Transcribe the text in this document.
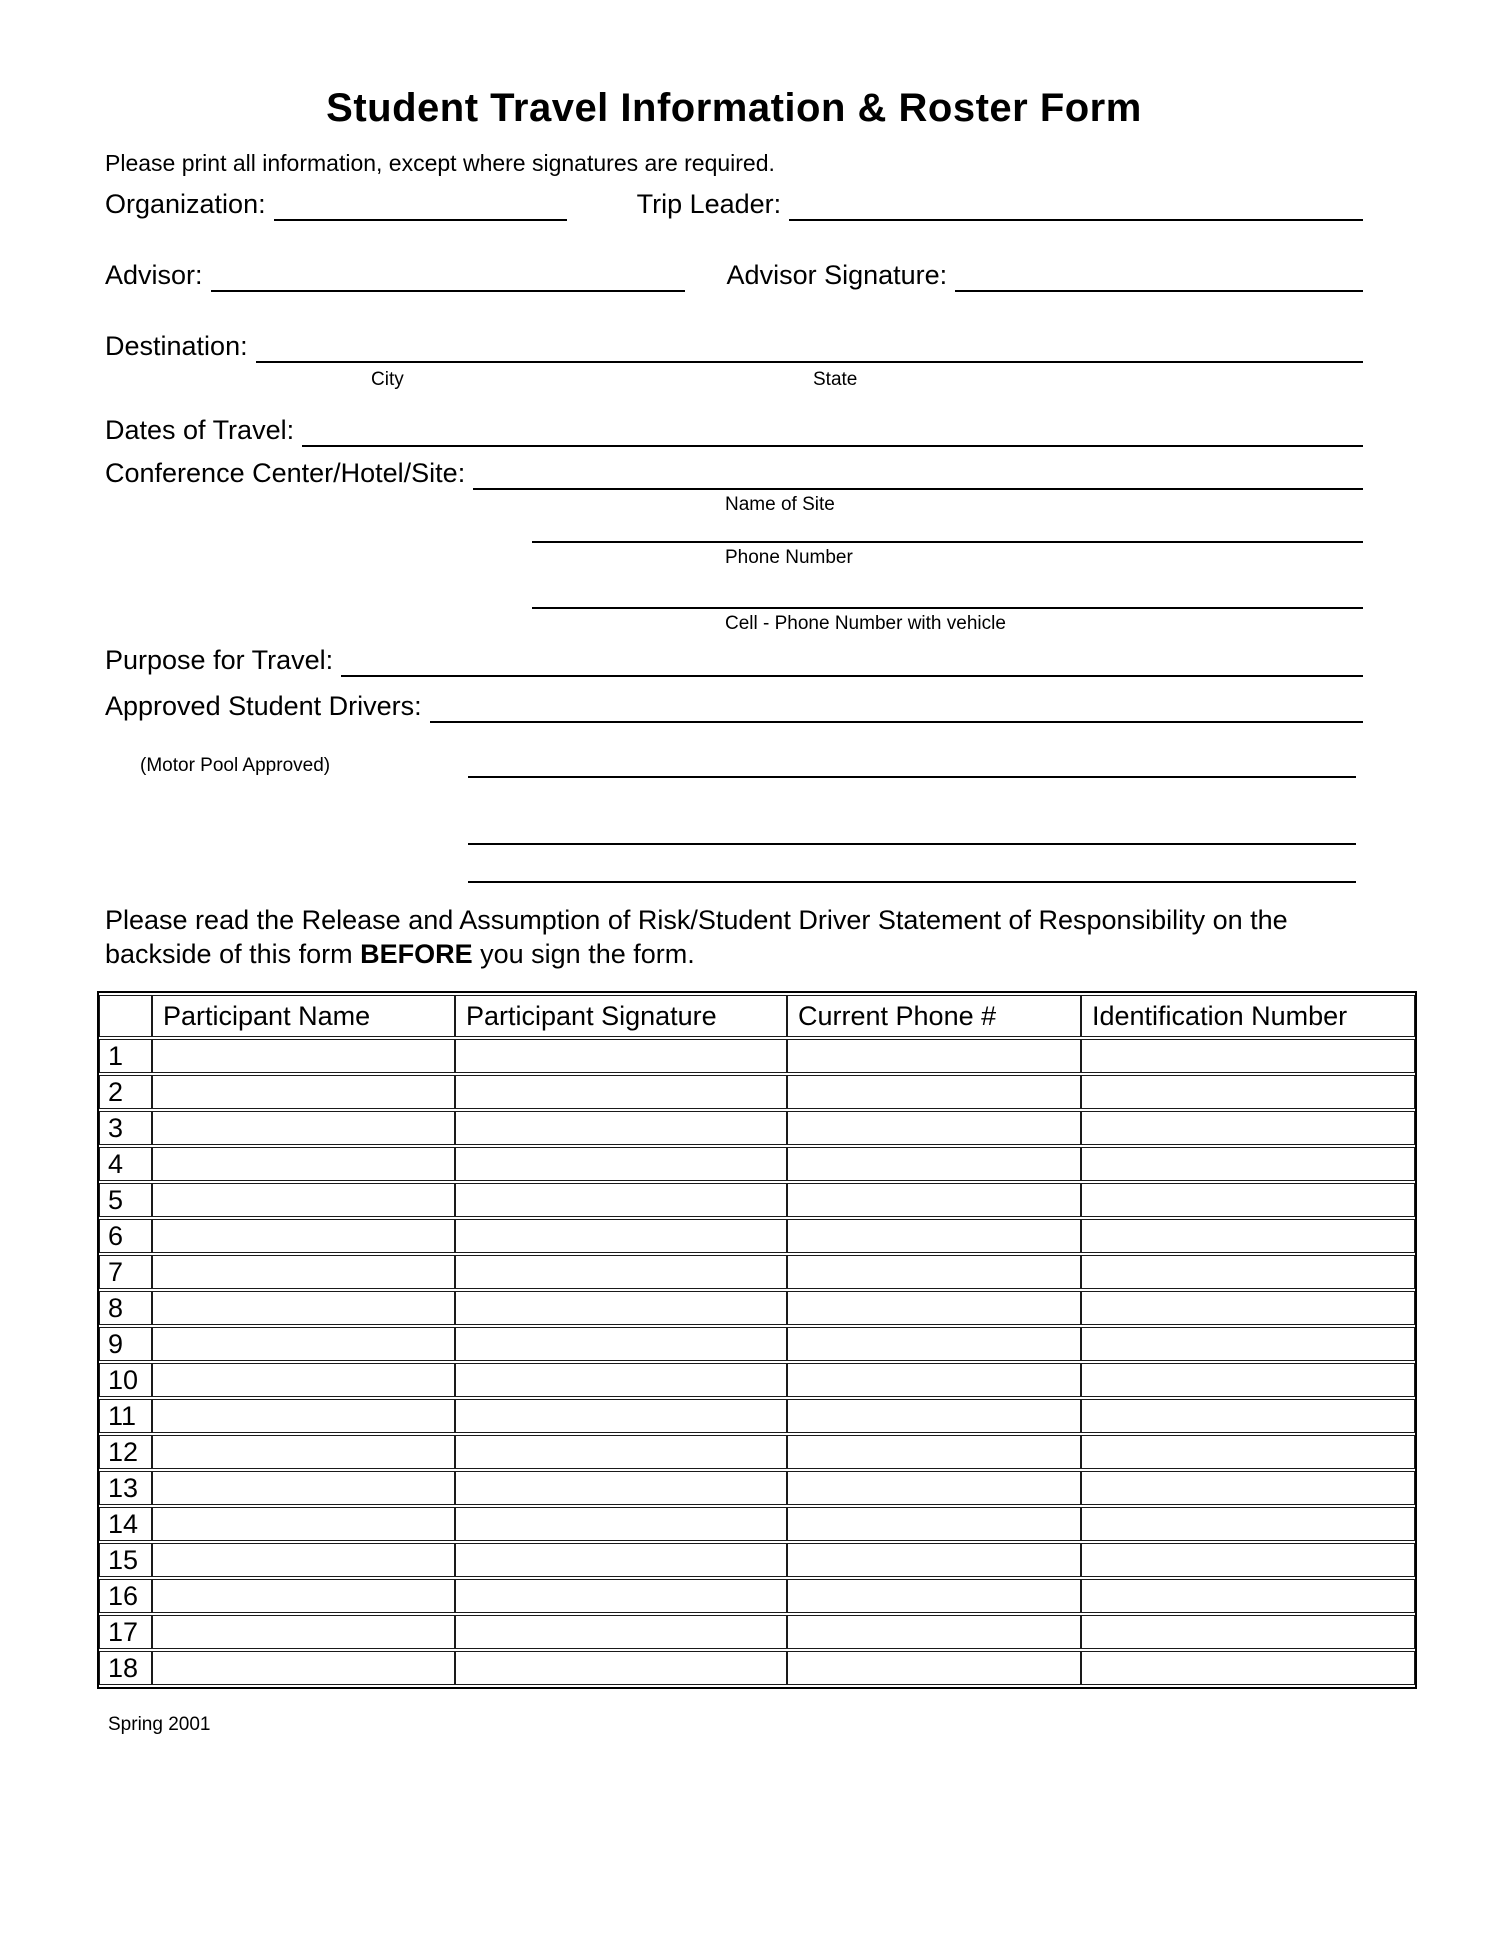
Student Travel Information & Roster Form

Please print all information, except where signatures are required.

Organization:	Trip Leader:
Advisor:	Advisor Signature:
Destination:
City	State
Dates of Travel:
Conference Center/Hotel/Site:
Name of Site
Phone Number
Cell - Phone Number with vehicle
Purpose for Travel:
Approved Student Drivers:
(Motor Pool Approved)

Please read the Release and Assumption of Risk/Student Driver Statement of Responsibility on the backside of this form BEFORE you sign the form.

	Participant Name	Participant Signature	Current Phone #	Identification Number
1				
2				
3				
4				
5				
6				
7				
8				
9				
10				
11				
12				
13				
14				
15				
16				
17				
18				
Spring 2001
